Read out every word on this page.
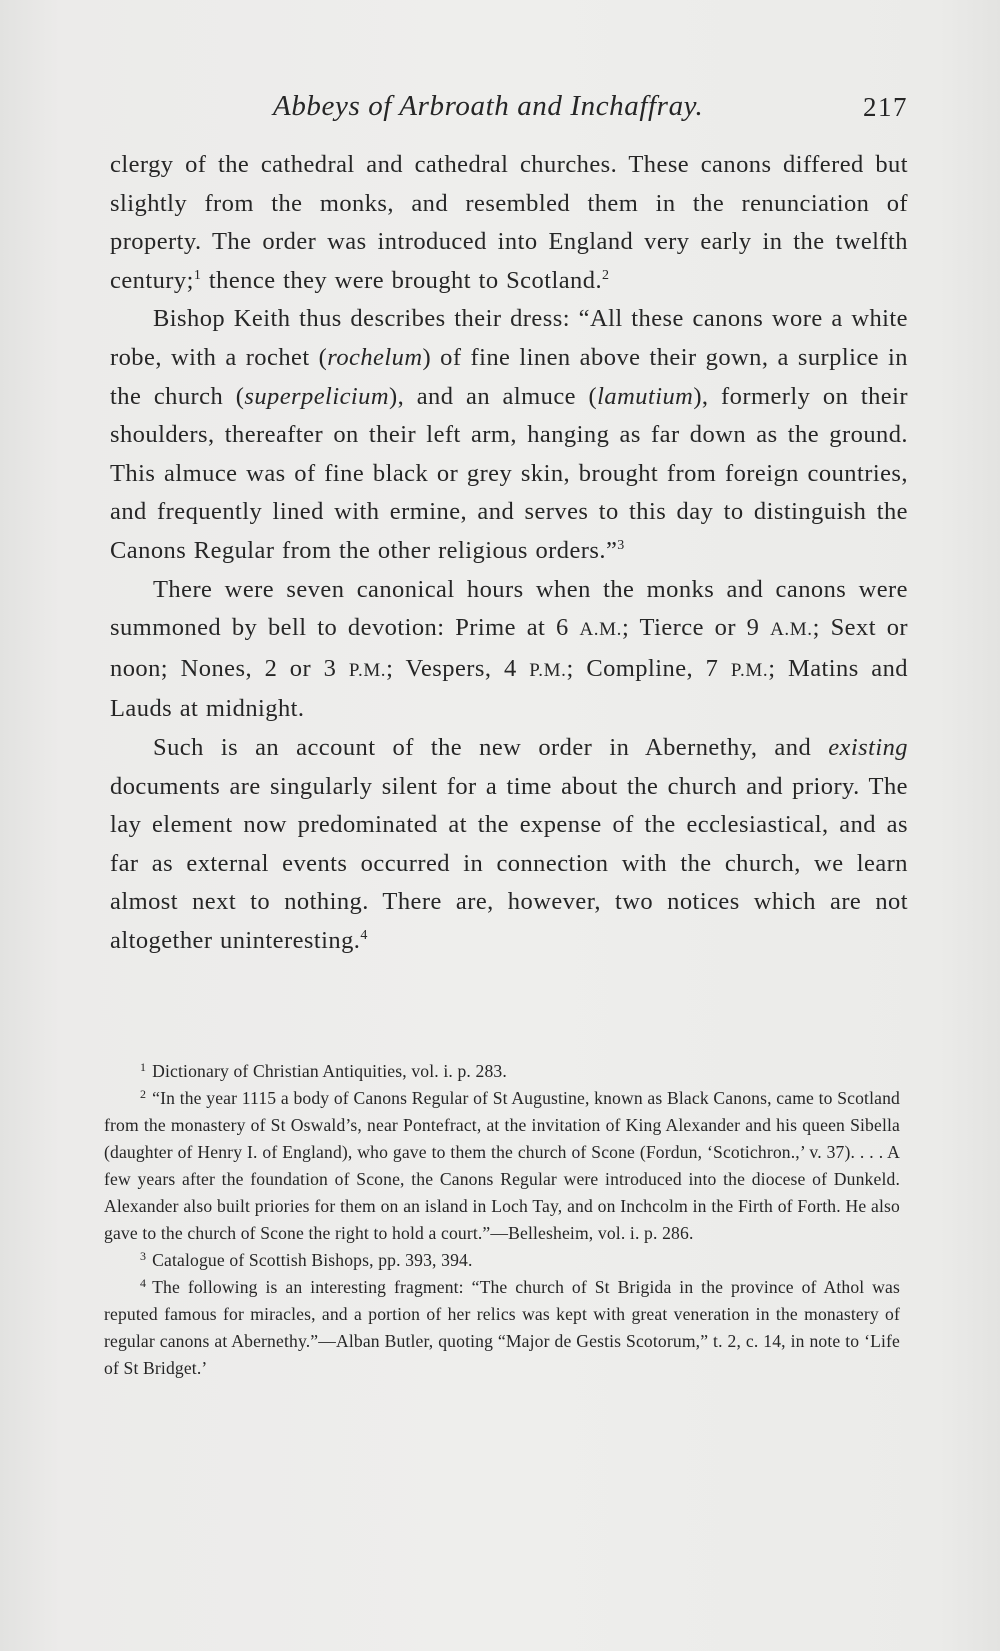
Abbeys of Arbroath and Inchaffray.	217

clergy of the cathedral and cathedral churches. These canons differed but slightly from the monks, and resembled them in the renunciation of property. The order was introduced into England very early in the twelfth century;$^1$ thence they were brought to Scotland.$^2$

Bishop Keith thus describes their dress: “All these canons wore a white robe, with a rochet (rochelum) of fine linen above their gown, a surplice in the church (superpelicium), and an almuce (lamutium), formerly on their shoulders, thereafter on their left arm, hanging as far down as the ground. This almuce was of fine black or grey skin, brought from foreign countries, and frequently lined with ermine, and serves to this day to distinguish the Canons Regular from the other religious orders.”$^3$

There were seven canonical hours when the monks and canons were summoned by bell to devotion: Prime at 6 A.M.; Tierce or 9 A.M.; Sext or noon; Nones, 2 or 3 P.M.; Vespers, 4 P.M.; Compline, 7 P.M.; Matins and Lauds at midnight.

Such is an account of the new order in Abernethy, and existing documents are singularly silent for a time about the church and priory. The lay element now predominated at the expense of the ecclesiastical, and as far as external events occurred in connection with the church, we learn almost next to nothing. There are, however, two notices which are not altogether uninteresting.$^4$

$^1$ Dictionary of Christian Antiquities, vol. i. p. 283.

$^2$ “In the year 1115 a body of Canons Regular of St Augustine, known as Black Canons, came to Scotland from the monastery of St Oswald’s, near Pontefract, at the invitation of King Alexander and his queen Sibella (daughter of Henry I. of England), who gave to them the church of Scone (Fordun, ‘Scotichron.,’ v. 37). . . . A few years after the foundation of Scone, the Canons Regular were introduced into the diocese of Dunkeld. Alexander also built priories for them on an island in Loch Tay, and on Inchcolm in the Firth of Forth. He also gave to the church of Scone the right to hold a court.”—Bellesheim, vol. i. p. 286.

$^3$ Catalogue of Scottish Bishops, pp. 393, 394.

$^4$ The following is an interesting fragment: “The church of St Brigida in the province of Athol was reputed famous for miracles, and a portion of her relics was kept with great veneration in the monastery of regular canons at Abernethy.”—Alban Butler, quoting “Major de Gestis Scotorum,” t. 2, c. 14, in note to ‘Life of St Bridget.’
